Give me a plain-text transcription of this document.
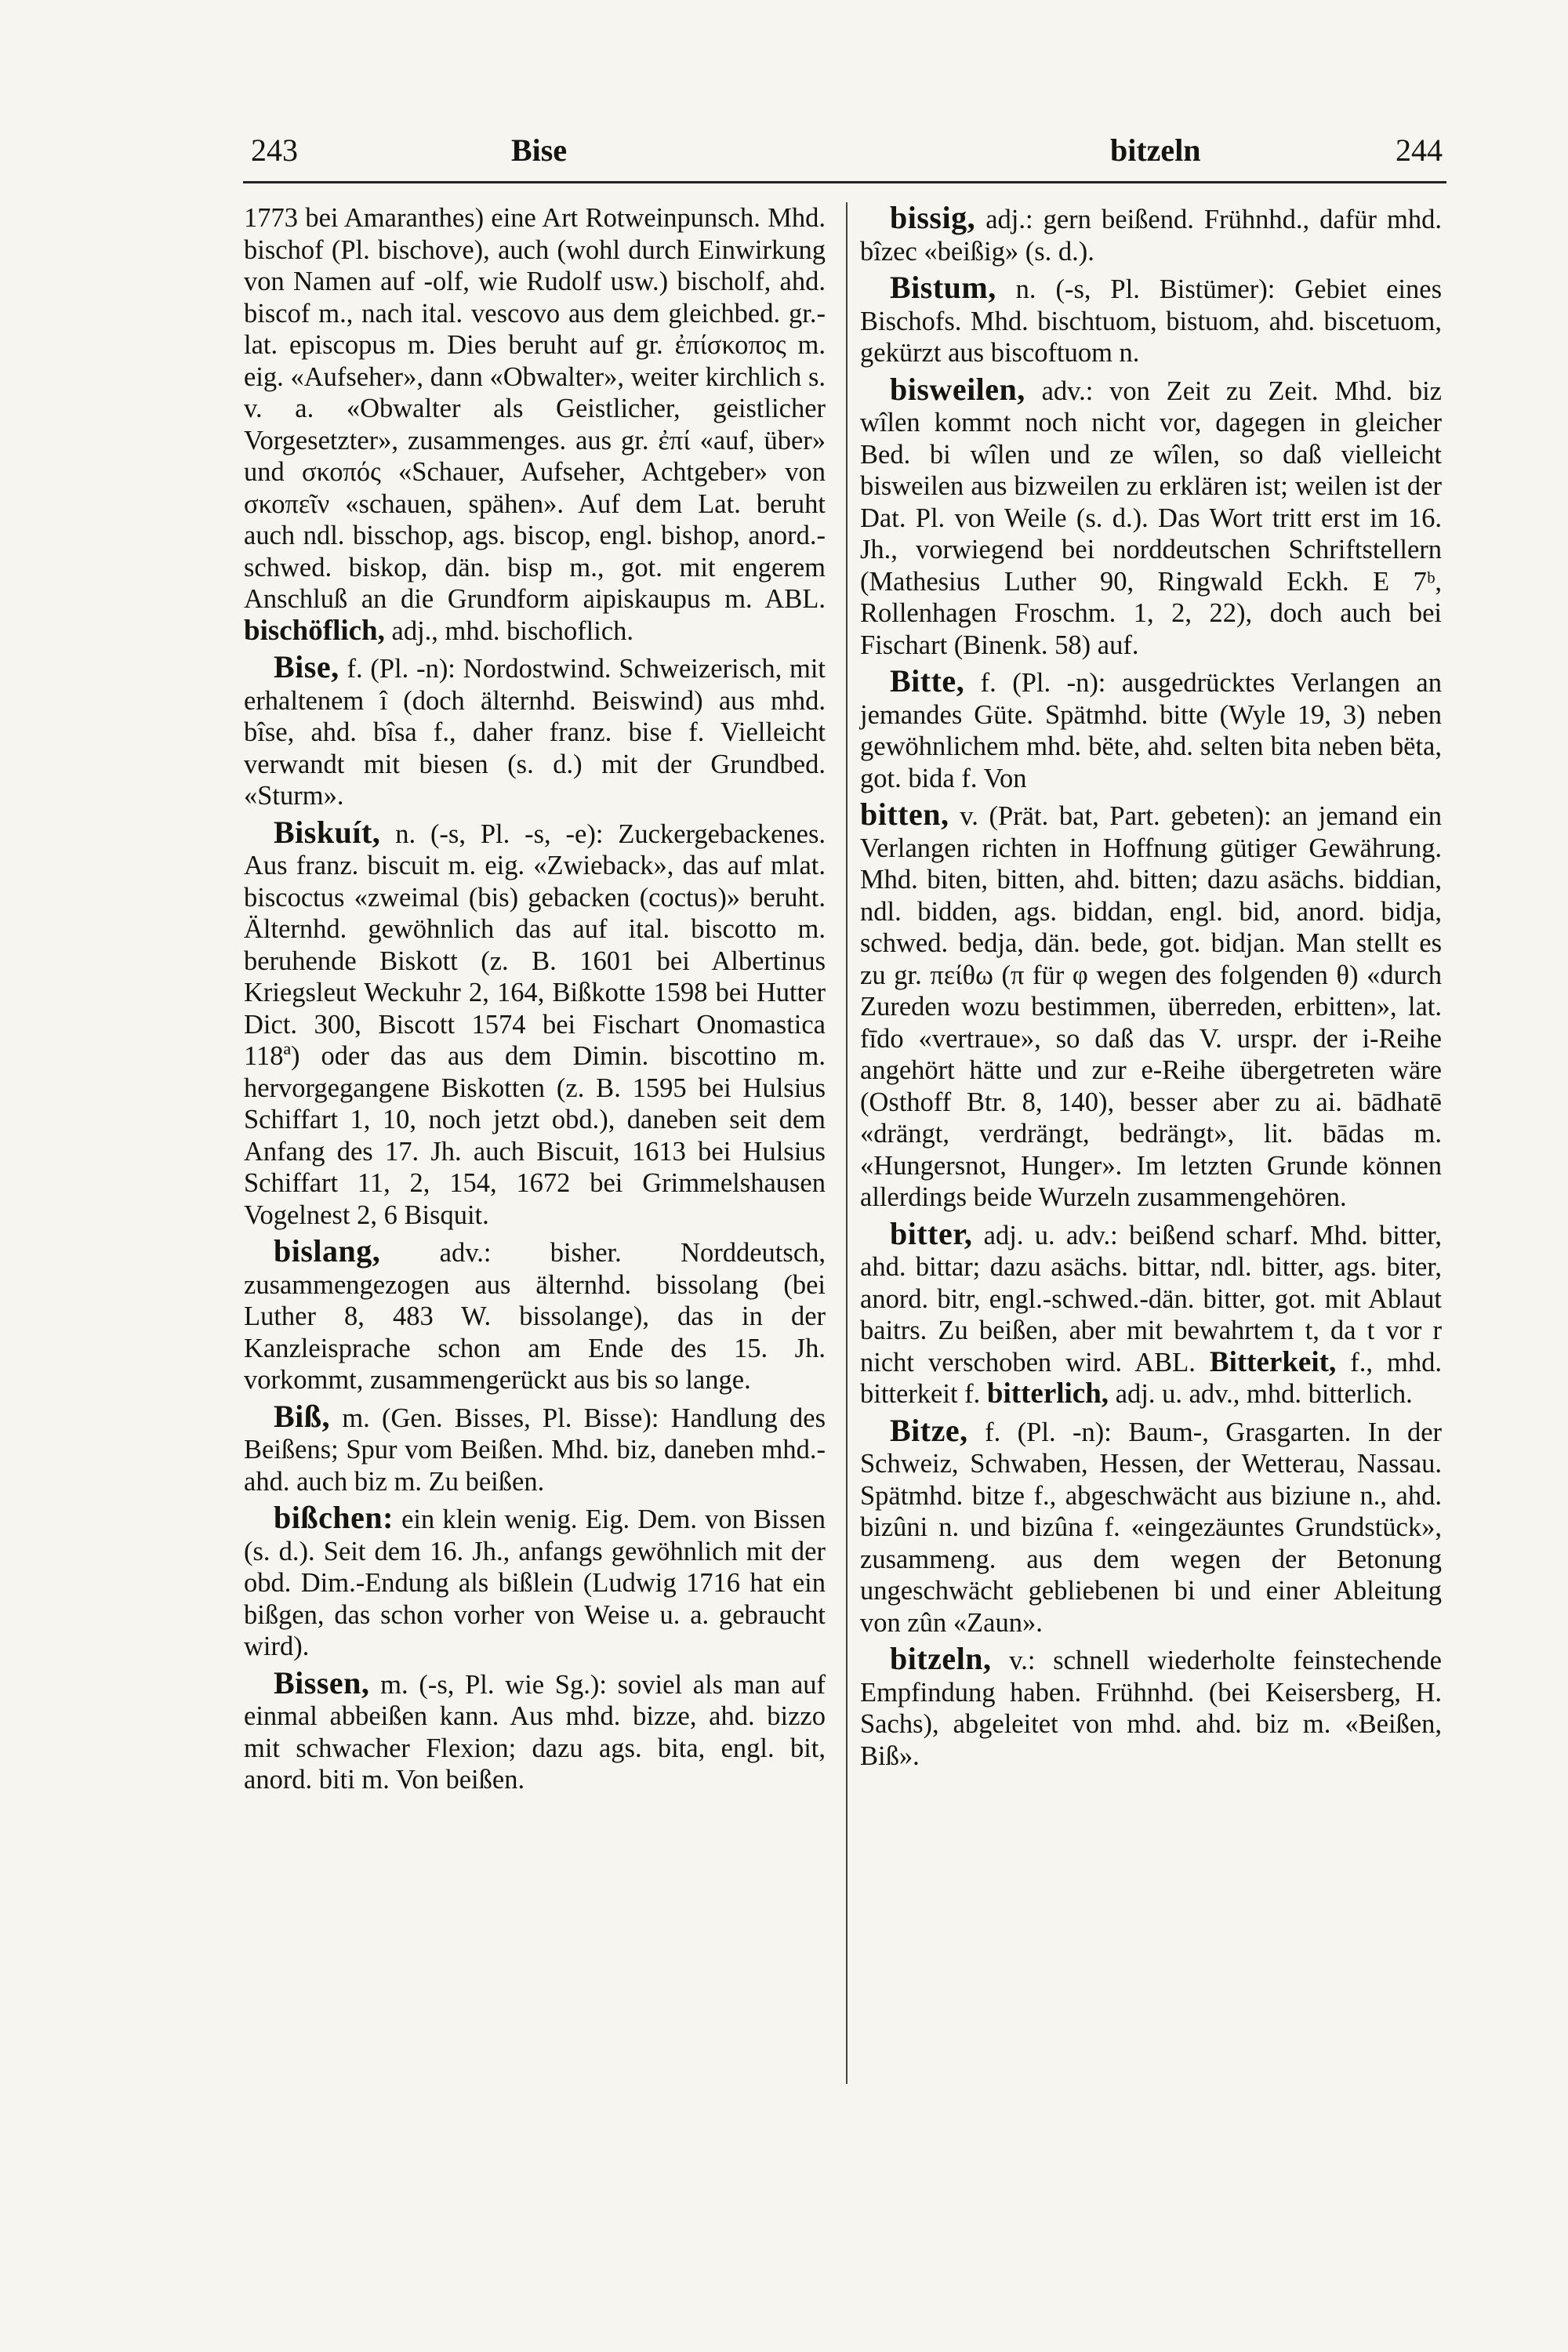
243	Bise	bitzeln	244

1773 bei Amaranthes) eine Art Rotweinpunsch. Mhd. bischof (Pl. bischove), auch (wohl durch Einwirkung von Namen auf -olf, wie Rudolf usw.) bischolf, ahd. biscof m., nach ital. vescovo aus dem gleichbed. gr.-lat. episcopus m. Dies beruht auf gr. ἐπίσκοπος m. eig. «Aufseher», dann «Obwalter», weiter kirchlich s. v. a. «Obwalter als Geistlicher, geistlicher Vorgesetzter», zusammenges. aus gr. ἐπί «auf, über» und σκοπός «Schauer, Aufseher, Achtgeber» von σκοπεῖν «schauen, spähen». Auf dem Lat. beruht auch ndl. bisschop, ags. biscop, engl. bishop, anord.-schwed. biskop, dän. bisp m., got. mit engerem Anschluß an die Grundform aipiskaupus m. ABL. bischöflich, adj., mhd. bischoflich.

Bise, f. (Pl. -n): Nordostwind. Schweizerisch, mit erhaltenem î (doch älternhd. Beiswind) aus mhd. bîse, ahd. bîsa f., daher franz. bise f. Vielleicht verwandt mit biesen (s. d.) mit der Grundbed. «Sturm».

Biskuít, n. (-s, Pl. -s, -e): Zuckergebackenes. Aus franz. biscuit m. eig. «Zwieback», das auf mlat. biscoctus «zweimal (bis) gebacken (coctus)» beruht. Älternhd. gewöhnlich das auf ital. biscotto m. beruhende Biskott (z. B. 1601 bei Albertinus Kriegsleut Weckuhr 2, 164, Bißkotte 1598 bei Hutter Dict. 300, Biscott 1574 bei Fischart Onomastica 118ª) oder das aus dem Dimin. biscottino m. hervorgegangene Biskotten (z. B. 1595 bei Hulsius Schiffart 1, 10, noch jetzt obd.), daneben seit dem Anfang des 17. Jh. auch Biscuit, 1613 bei Hulsius Schiffart 11, 2, 154, 1672 bei Grimmelshausen Vogelnest 2, 6 Bisquit.

bislang, adv.: bisher. Norddeutsch, zusammengezogen aus älternhd. bissolang (bei Luther 8, 483 W. bissolange), das in der Kanzleisprache schon am Ende des 15. Jh. vorkommt, zusammengerückt aus bis so lange.

Biß, m. (Gen. Bisses, Pl. Bisse): Handlung des Beißens; Spur vom Beißen. Mhd. biz, daneben mhd.-ahd. auch biz m. Zu beißen.

bißchen: ein klein wenig. Eig. Dem. von Bissen (s. d.). Seit dem 16. Jh., anfangs gewöhnlich mit der obd. Dim.-Endung als bißlein (Ludwig 1716 hat ein bißgen, das schon vorher von Weise u. a. gebraucht wird).

Bissen, m. (-s, Pl. wie Sg.): soviel als man auf einmal abbeißen kann. Aus mhd. bizze, ahd. bizzo mit schwacher Flexion; dazu ags. bita, engl. bit, anord. biti m. Von beißen.

bissig, adj.: gern beißend. Frühnhd., dafür mhd. bîzec «beißig» (s. d.).

Bistum, n. (-s, Pl. Bistümer): Gebiet eines Bischofs. Mhd. bischtuom, bistuom, ahd. biscetuom, gekürzt aus biscoftuom n.

bisweilen, adv.: von Zeit zu Zeit. Mhd. biz wîlen kommt noch nicht vor, dagegen in gleicher Bed. bi wîlen und ze wîlen, so daß vielleicht bisweilen aus bizweilen zu erklären ist; weilen ist der Dat. Pl. von Weile (s. d.). Das Wort tritt erst im 16. Jh., vorwiegend bei norddeutschen Schriftstellern (Mathesius Luther 90, Ringwald Eckh. E 7ᵇ, Rollenhagen Froschm. 1, 2, 22), doch auch bei Fischart (Binenk. 58) auf.

Bitte, f. (Pl. -n): ausgedrücktes Verlangen an jemandes Güte. Spätmhd. bitte (Wyle 19, 3) neben gewöhnlichem mhd. bëte, ahd. selten bita neben bëta, got. bida f. Von

bitten, v. (Prät. bat, Part. gebeten): an jemand ein Verlangen richten in Hoffnung gütiger Gewährung. Mhd. biten, bitten, ahd. bitten; dazu asächs. biddian, ndl. bidden, ags. biddan, engl. bid, anord. bidja, schwed. bedja, dän. bede, got. bidjan. Man stellt es zu gr. πείθω (π für φ wegen des folgenden θ) «durch Zureden wozu bestimmen, überreden, erbitten», lat. fīdo «vertraue», so daß das V. urspr. der i-Reihe angehört hätte und zur e-Reihe übergetreten wäre (Osthoff Btr. 8, 140), besser aber zu ai. bādhatē «drängt, verdrängt, bedrängt», lit. bādas m. «Hungersnot, Hunger». Im letzten Grunde können allerdings beide Wurzeln zusammengehören.

bitter, adj. u. adv.: beißend scharf. Mhd. bitter, ahd. bittar; dazu asächs. bittar, ndl. bitter, ags. biter, anord. bitr, engl.-schwed.-dän. bitter, got. mit Ablaut baitrs. Zu beißen, aber mit bewahrtem t, da t vor r nicht verschoben wird. ABL. Bitterkeit, f., mhd. bitterkeit f. bitterlich, adj. u. adv., mhd. bitterlich.

Bitze, f. (Pl. -n): Baum-, Grasgarten. In der Schweiz, Schwaben, Hessen, der Wetterau, Nassau. Spätmhd. bitze f., abgeschwächt aus biziune n., ahd. bizûni n. und bizûna f. «eingezäuntes Grundstück», zusammeng. aus dem wegen der Betonung ungeschwächt gebliebenen bi und einer Ableitung von zûn «Zaun».

bitzeln, v.: schnell wiederholte feinstechende Empfindung haben. Frühnhd. (bei Keisersberg, H. Sachs), abgeleitet von mhd. ahd. biz m. «Beißen, Biß».
